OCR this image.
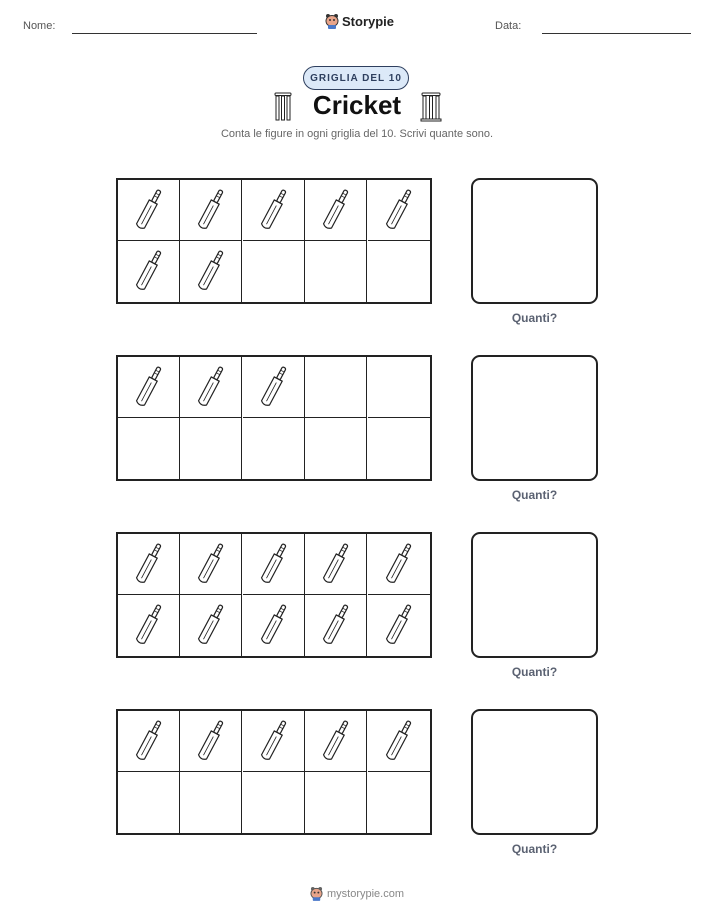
Nome:	Storypie	Data:
GRIGLIA DEL 10
Cricket
Conta le figure in ogni griglia del 10. Scrivi quante sono.
Quanti?
Quanti?
Quanti?
Quanti?
mystorypie.com
